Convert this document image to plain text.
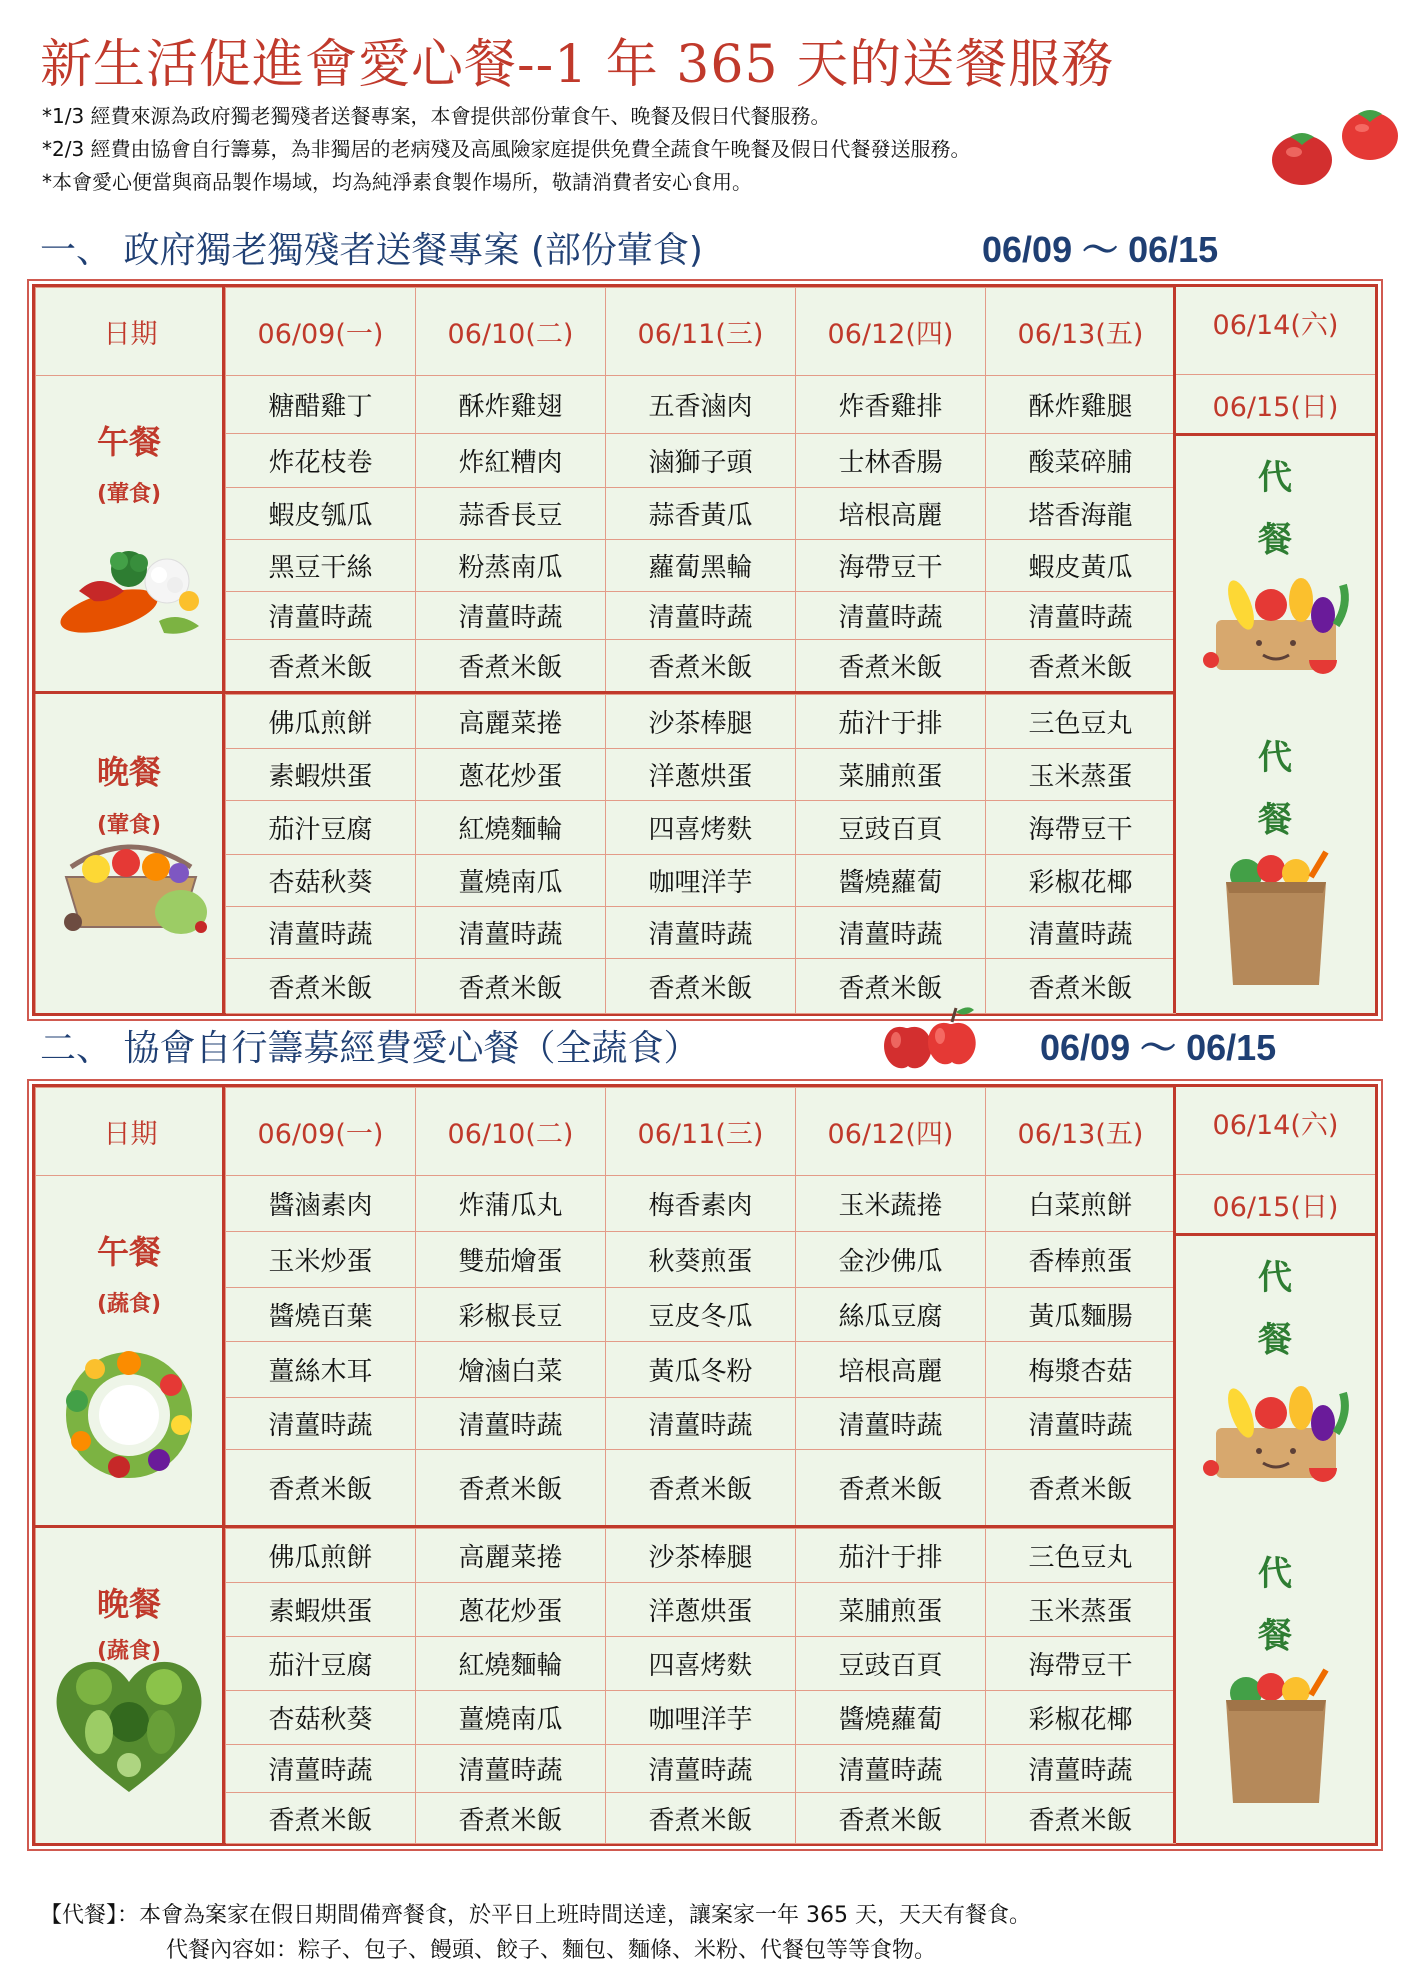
新生活促進會愛心餐--1 年 365 天的送餐服務
*1/3 經費來源為政府獨老獨殘者送餐專案，本會提供部份葷食午、晚餐及假日代餐服務。
*2/3 經費由協會自行籌募，為非獨居的老病殘及高風險家庭提供免費全蔬食午晚餐及假日代餐發送服務。
*本會愛心便當與商品製作場域，均為純淨素食製作場所，敬請消費者安心食用。
一、 政府獨老獨殘者送餐專案 (部份葷食)	06/09 ～ 06/15
日期	06/09(一)	06/10(二)	06/11(三)	06/12(四)	06/13(五)
糖醋雞丁	酥炸雞翅	五香滷肉	炸香雞排	酥炸雞腿
炸花枝卷	炸紅糟肉	滷獅子頭	士林香腸	酸菜碎脯
蝦皮瓠瓜	蒜香長豆	蒜香黃瓜	培根高麗	塔香海龍
黑豆干絲	粉蒸南瓜	蘿蔔黑輪	海帶豆干	蝦皮黃瓜
清薑時蔬	清薑時蔬	清薑時蔬	清薑時蔬	清薑時蔬
香煮米飯	香煮米飯	香煮米飯	香煮米飯	香煮米飯
佛瓜煎餅	高麗菜捲	沙茶棒腿	茄汁于排	三色豆丸
素蝦烘蛋	蔥花炒蛋	洋蔥烘蛋	菜脯煎蛋	玉米蒸蛋
茄汁豆腐	紅燒麵輪	四喜烤麩	豆豉百頁	海帶豆干
杏菇秋葵	薑燒南瓜	咖哩洋芋	醬燒蘿蔔	彩椒花椰
清薑時蔬	清薑時蔬	清薑時蔬	清薑時蔬	清薑時蔬
香煮米飯	香煮米飯	香煮米飯	香煮米飯	香煮米飯
午餐
(葷食)
晚餐
(葷食)
06/14(六)
06/15(日)
代
餐
代
餐
二、 協會自行籌募經費愛心餐（全蔬食）	06/09 ～ 06/15
日期	06/09(一)	06/10(二)	06/11(三)	06/12(四)	06/13(五)
醬滷素肉	炸蒲瓜丸	梅香素肉	玉米蔬捲	白菜煎餅
玉米炒蛋	雙茄燴蛋	秋葵煎蛋	金沙佛瓜	香棒煎蛋
醬燒百葉	彩椒長豆	豆皮冬瓜	絲瓜豆腐	黃瓜麵腸
薑絲木耳	燴滷白菜	黃瓜冬粉	培根高麗	梅漿杏菇
清薑時蔬	清薑時蔬	清薑時蔬	清薑時蔬	清薑時蔬
香煮米飯	香煮米飯	香煮米飯	香煮米飯	香煮米飯
佛瓜煎餅	高麗菜捲	沙茶棒腿	茄汁于排	三色豆丸
素蝦烘蛋	蔥花炒蛋	洋蔥烘蛋	菜脯煎蛋	玉米蒸蛋
茄汁豆腐	紅燒麵輪	四喜烤麩	豆豉百頁	海帶豆干
杏菇秋葵	薑燒南瓜	咖哩洋芋	醬燒蘿蔔	彩椒花椰
清薑時蔬	清薑時蔬	清薑時蔬	清薑時蔬	清薑時蔬
香煮米飯	香煮米飯	香煮米飯	香煮米飯	香煮米飯
午餐
(蔬食)
晚餐
(蔬食)
06/14(六)
06/15(日)
代
餐
代
餐
【代餐】：本會為案家在假日期間備齊餐食，於平日上班時間送達，讓案家一年 365 天，天天有餐食。
代餐內容如：粽子、包子、饅頭、餃子、麵包、麵條、米粉、代餐包等等食物。
